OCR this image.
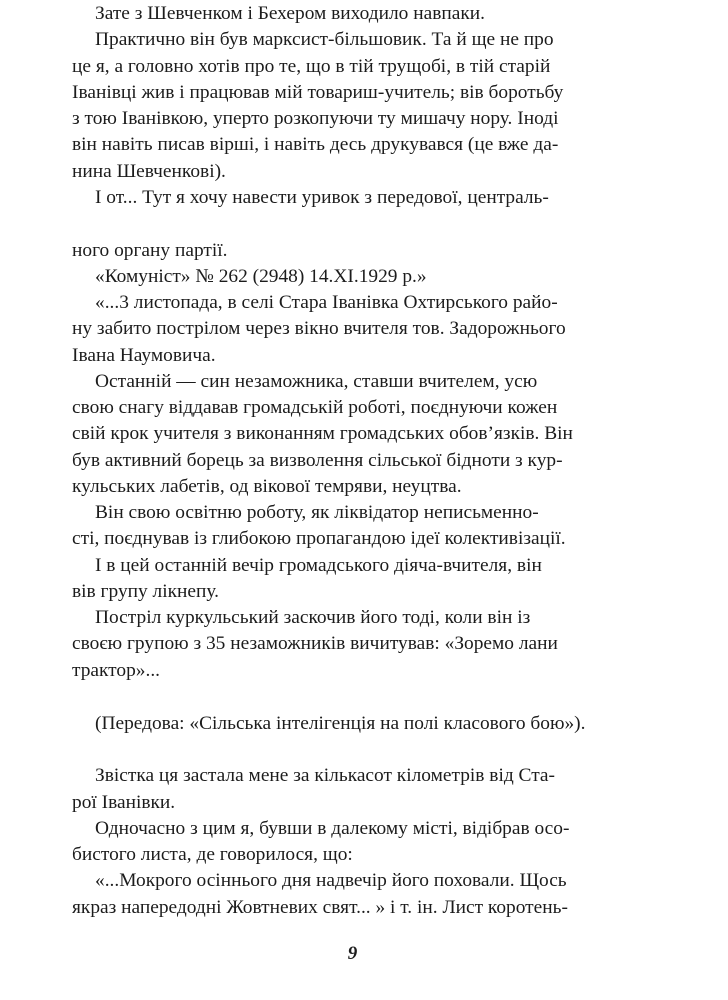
Зате з Шевченком і Бехером виходило навпаки.
Практично він був марксист-більшовик. Та й ще не про
це я, а головно хотів про те, що в тій трущобі, в тій старій
Іванівці жив і працював мій товариш-учитель; вів боротьбу
з тою Іванівкою, уперто розкопуючи ту мишачу нору. Іноді
він навіть писав вірші, і навіть десь друкувався (це вже да-
нина Шевченкові).
І от... Тут я хочу навести уривок з передової, централь-
ного органу партії.
«Комуніст» № 262 (2948) 14.XI.1929 р.»
«...3 листопада, в селі Стара Іванівка Охтирського райо-
ну забито пострілом через вікно вчителя тов. Задорожнього
Івана Наумовича.
Останній — син незаможника, ставши вчителем, усю
свою снагу віддавав громадській роботі, поєднуючи кожен
свій крок учителя з виконанням громадських обов’язків. Він
був активний борець за визволення сільської бідноти з кур-
кульських лабетів, од вікової темряви, неуцтва.
Він свою освітню роботу, як ліквідатор неписьменно-
сті, поєднував із глибокою пропагандою ідеї колективізації.
І в цей останній вечір громадського діяча-вчителя, він
вів групу лікнепу.
Постріл куркульський заскочив його тоді, коли він із
своєю групою з 35 незаможників вичитував: «Зоремо лани
трактор»...
(Передова: «Сільська інтелігенція на полі класового бою»).
Звістка ця застала мене за кількасот кілометрів від Ста-
рої Іванівки.
Одночасно з цим я, бувши в далекому місті, відібрав осо-
бистого листа, де говорилося, що:
«...Мокрого осіннього дня надвечір його поховали. Щось
якраз напередодні Жовтневих свят... » і т. ін. Лист коротень-
9
